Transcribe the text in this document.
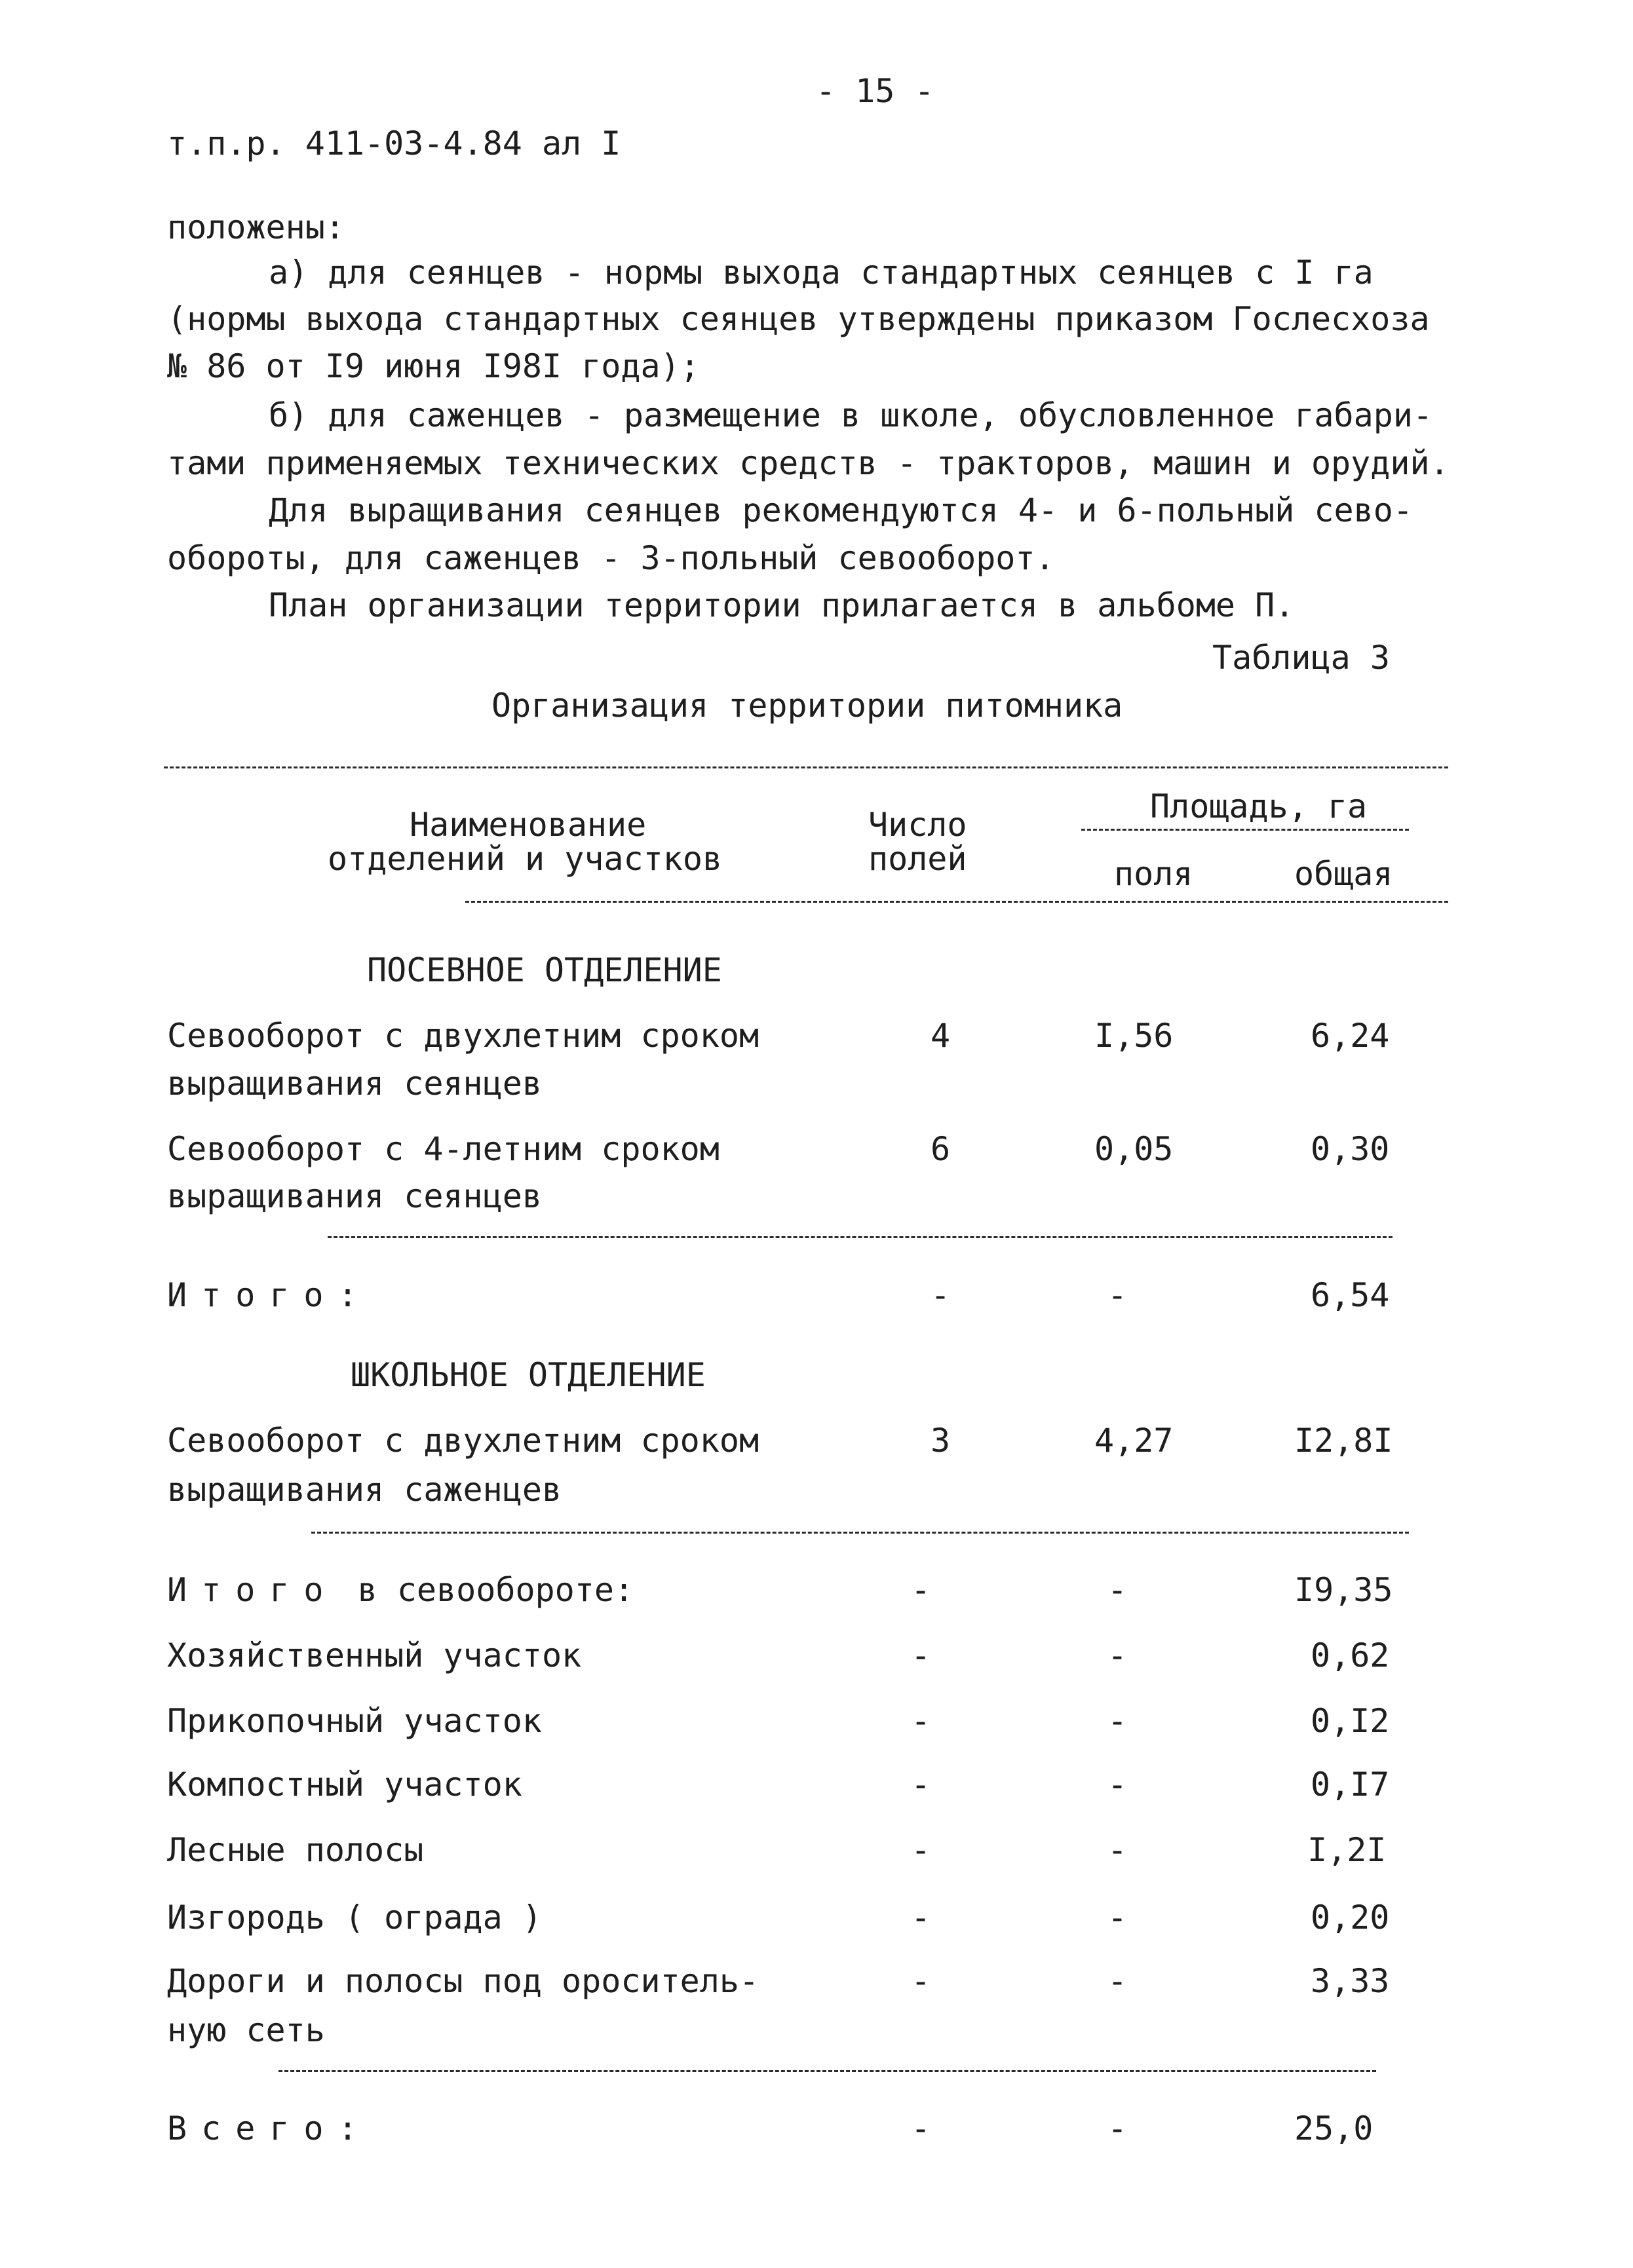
- 15 -
т.п.р. 411-03-4.84 ал I
положены:
а) для сеянцев - нормы выхода стандартных сеянцев с I га
(нормы выхода стандартных сеянцев утверждены приказом Гослесхоза
№ 86 от I9 июня I98I года);
б) для саженцев - размещение в школе, обусловленное габари-
тами применяемых технических средств - тракторов, машин и орудий.
Для выращивания сеянцев рекомендуются 4- и 6-польный сево-
обороты, для саженцев - 3-польный севооборот.
План организации территории прилагается в альбоме П.
Таблица 3
Организация территории питомника
Наименование
отделений и участков
Число
полей
Площадь, га
поля	общая
ПОСЕВНОЕ ОТДЕЛЕНИЕ
Севооборот с двухлетним сроком
выращивания сеянцев
4	I,56	6,24
Севооборот с 4-летним сроком
выращивания сеянцев
6	0,05	0,30
Итого:	-	-	6,54
ШКОЛЬНОЕ ОТДЕЛЕНИЕ
Севооборот с двухлетним сроком
выращивания саженцев
3	4,27	I2,8I
Итого в севообороте:	-	-	I9,35
Хозяйственный участок	-	-	0,62
Прикопочный участок	-	-	0,I2
Компостный участок	-	-	0,I7
Лесные полосы	-	-	I,2I
Изгородь ( ограда )	-	-	0,20
Дороги и полосы под ороситель-
ную сеть
-	-	3,33
Всего:	-	-	25,0
